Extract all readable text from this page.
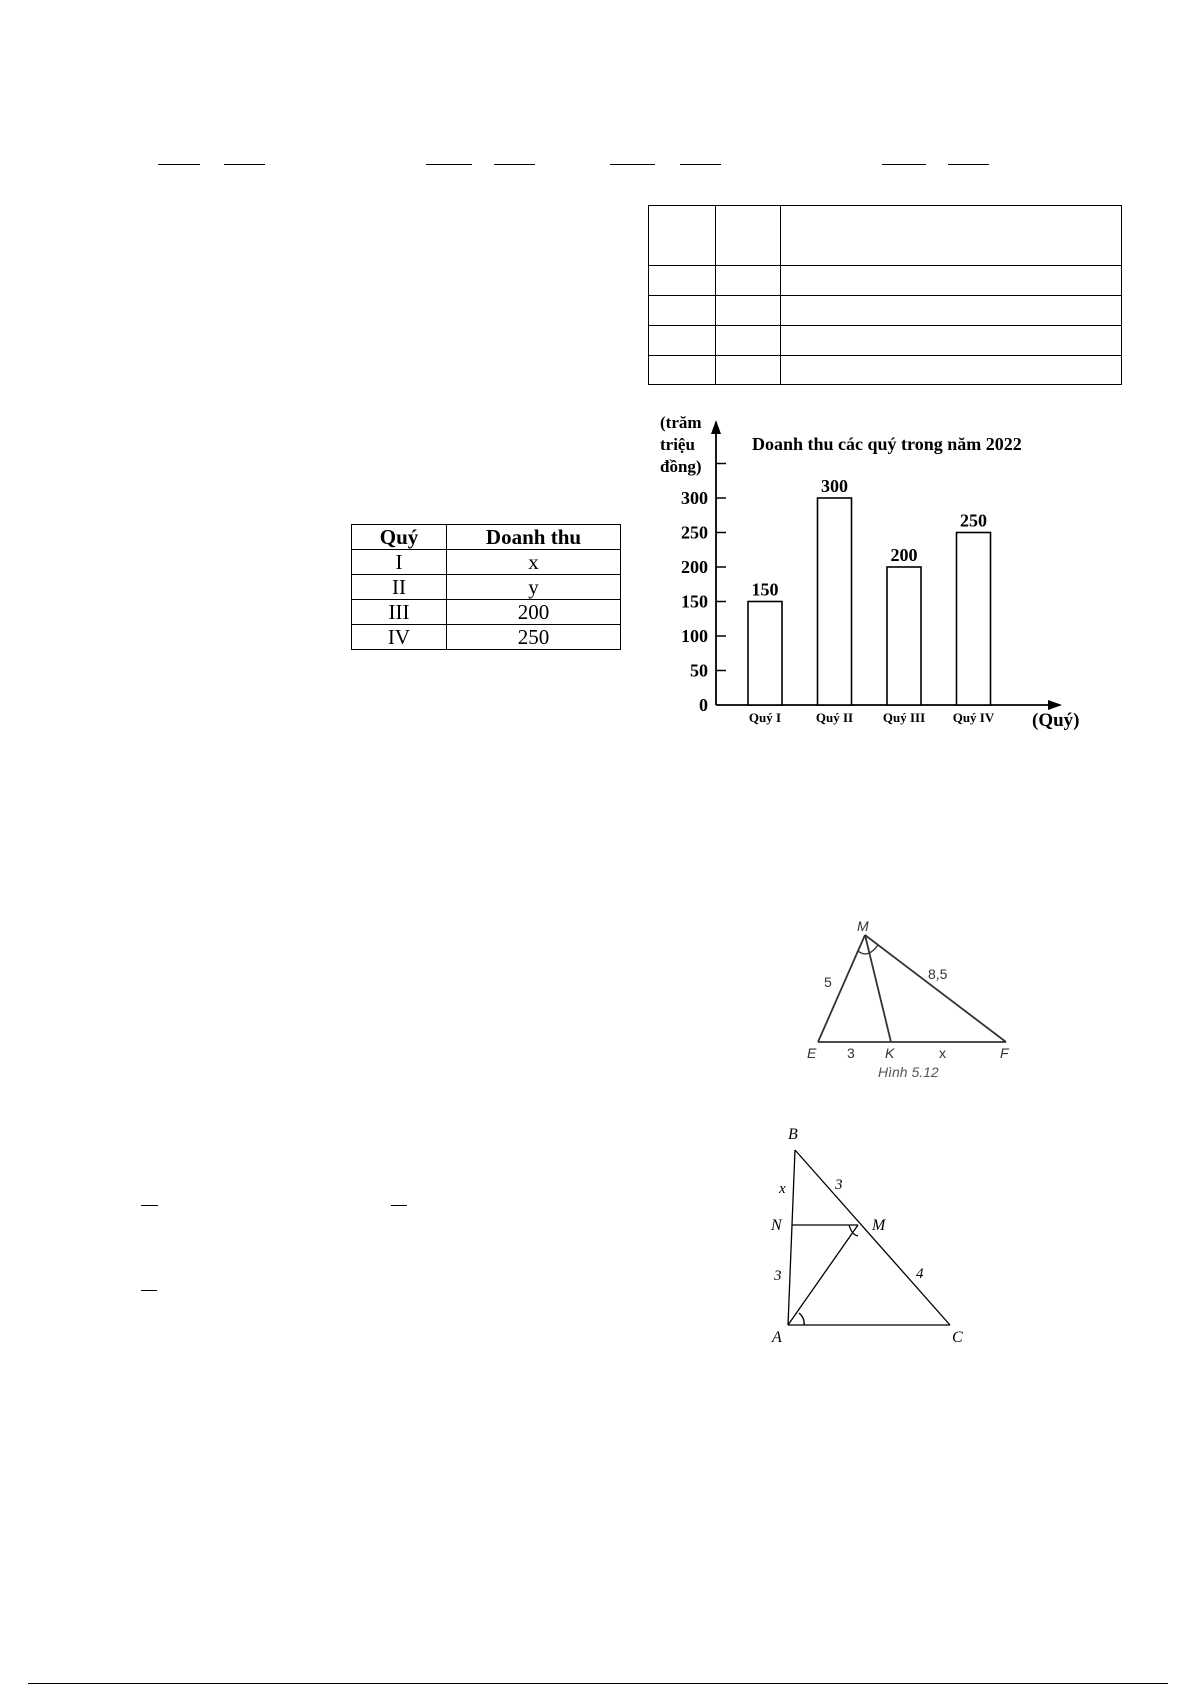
Quý	Doanh thu
I	x
II	y
III	200
IV	250
(trăm
triệu
đồng)
Doanh thu các quý trong năm 2022
(Quý)
0
50
100
150
200
250
300
150
Quý I
300
Quý II
200
Quý III
250
Quý IV
M
E	K	F
5	8,5
3	x
Hình 5.12
B
N	M
A	C
x	3
3	4
